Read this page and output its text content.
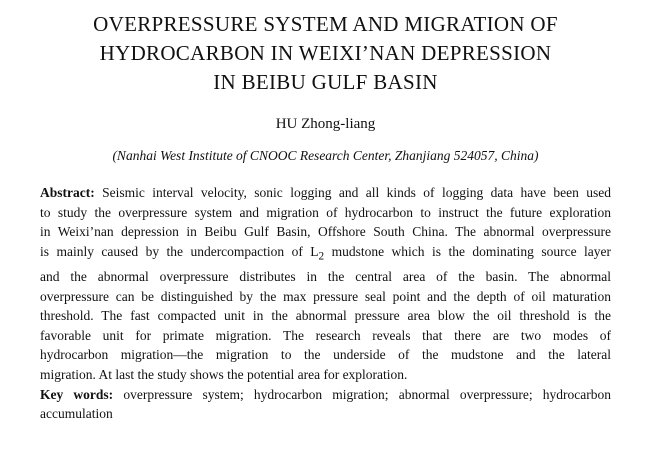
OVERPRESSURE SYSTEM AND MIGRATION OF
HYDROCARBON IN WEIXI’NAN DEPRESSION
IN BEIBU GULF BASIN
HU Zhong-liang
(Nanhai West Institute of CNOOC Research Center, Zhanjiang 524057, China)
Abstract: Seismic interval velocity, sonic logging and all kinds of logging data have been used
to study the overpressure system and migration of hydrocarbon to instruct the future exploration
in Weixi’nan depression in Beibu Gulf Basin, Offshore South China. The abnormal overpressure
is mainly caused by the undercompaction of $L_2$ mudstone which is the dominating source layer
and the abnormal overpressure distributes in the central area of the basin. The abnormal
overpressure can be distinguished by the max pressure seal point and the depth of oil maturation
threshold. The fast compacted unit in the abnormal pressure area blow the oil threshold is the
favorable unit for primate migration. The research reveals that there are two modes of
hydrocarbon migration—the migration to the underside of the mudstone and the lateral
migration. At last the study shows the potential area for exploration.
Key words: overpressure system; hydrocarbon migration; abnormal overpressure; hydrocarbon
accumulation
